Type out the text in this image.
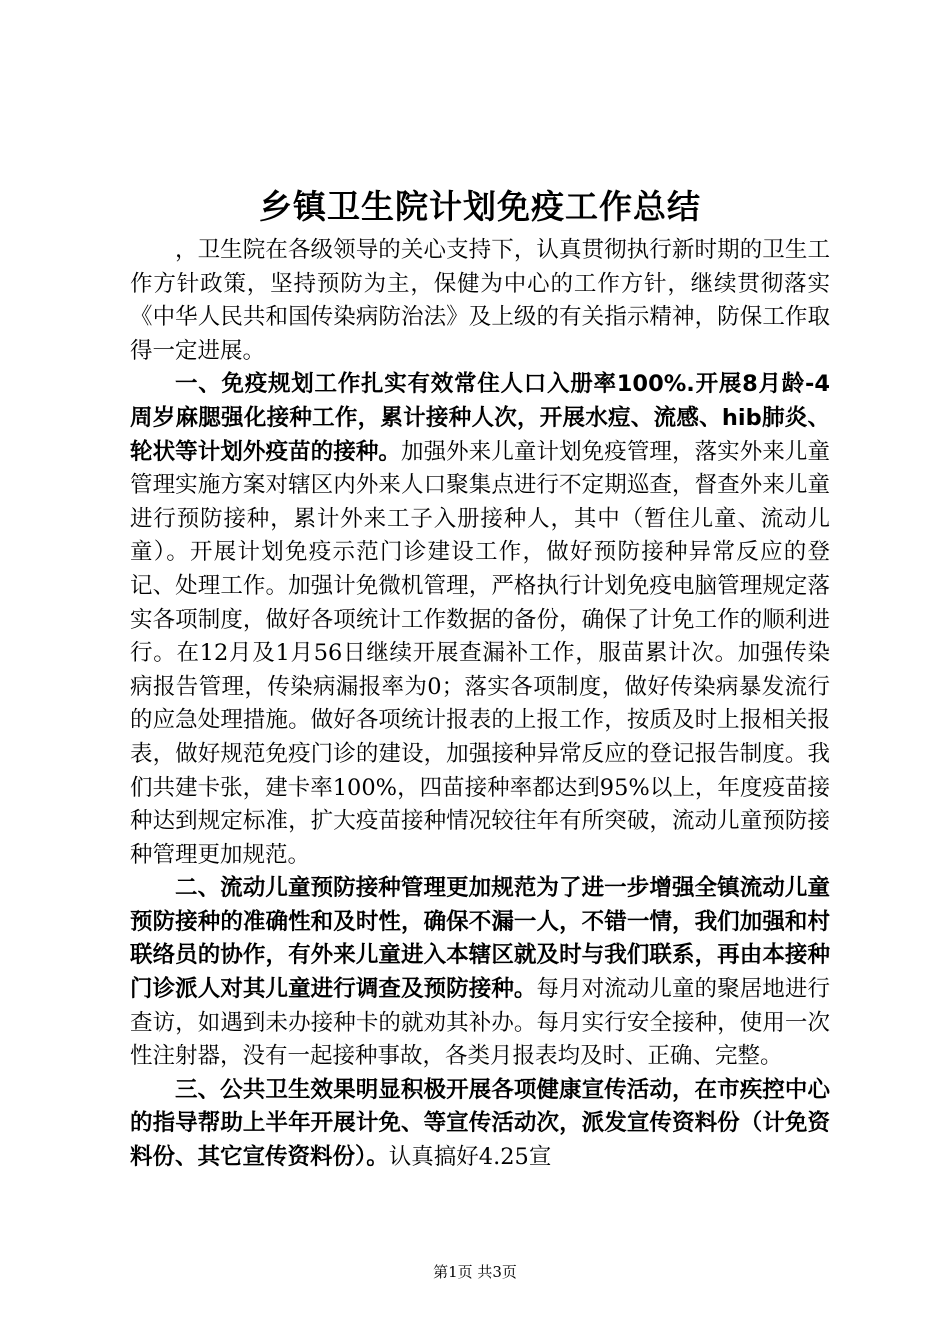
乡镇卫生院计划免疫工作总结

，卫生院在各级领导的关心支持下，认真贯彻执行新时期的卫生工作方针政策，坚持预防为主，保健为中心的工作方针，继续贯彻落实《中华人民共和国传染病防治法》及上级的有关指示精神，防保工作取得一定进展。

一、免疫规划工作扎实有效常住人口入册率100%.开展8月龄-4周岁麻腮强化接种工作，累计接种人次，开展水痘、流感、hib肺炎、轮状等计划外疫苗的接种。加强外来儿童计划免疫管理，落实外来儿童管理实施方案对辖区内外来人口聚集点进行不定期巡查，督查外来儿童进行预防接种，累计外来工子入册接种人，其中（暂住儿童、流动儿童）。开展计划免疫示范门诊建设工作，做好预防接种异常反应的登记、处理工作。加强计免微机管理，严格执行计划免疫电脑管理规定落实各项制度，做好各项统计工作数据的备份，确保了计免工作的顺利进行。在12月及1月56日继续开展查漏补工作，服苗累计次。加强传染病报告管理，传染病漏报率为0；落实各项制度，做好传染病暴发流行的应急处理措施。做好各项统计报表的上报工作，按质及时上报相关报表，做好规范免疫门诊的建设，加强接种异常反应的登记报告制度。我们共建卡张，建卡率100%，四苗接种率都达到95%以上，年度疫苗接种达到规定标准，扩大疫苗接种情况较往年有所突破，流动儿童预防接种管理更加规范。

二、流动儿童预防接种管理更加规范为了进一步增强全镇流动儿童预防接种的准确性和及时性，确保不漏一人，不错一情，我们加强和村联络员的协作，有外来儿童进入本辖区就及时与我们联系，再由本接种门诊派人对其儿童进行调查及预防接种。每月对流动儿童的聚居地进行查访，如遇到未办接种卡的就劝其补办。每月实行安全接种，使用一次性注射器，没有一起接种事故，各类月报表均及时、正确、完整。

三、公共卫生效果明显积极开展各项健康宣传活动，在市疾控中心的指导帮助上半年开展计免、等宣传活动次，派发宣传资料份（计免资料份、其它宣传资料份）。认真搞好4.25宣

第1页 共3页
